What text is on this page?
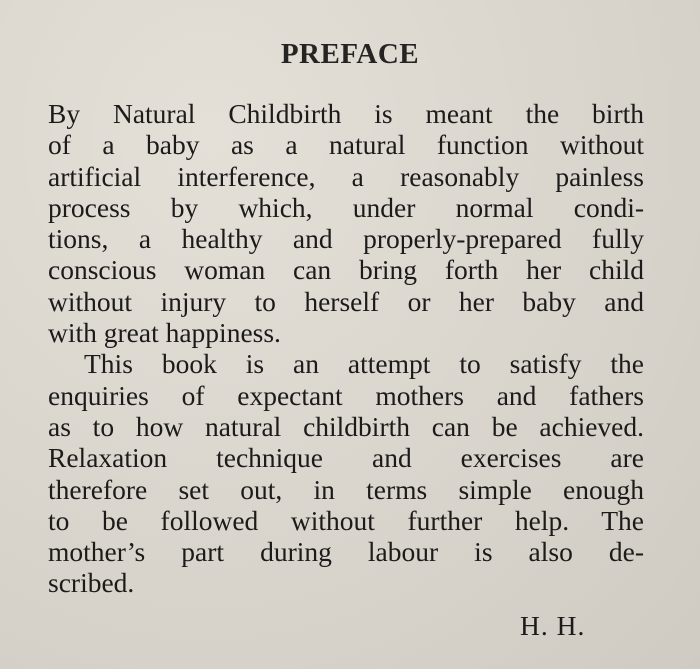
PREFACE
By Natural Childbirth is meant the birth
of a baby as a natural function without
artificial interference, a reasonably painless
process by which, under normal condi-
tions, a healthy and properly-prepared fully
conscious woman can bring forth her child
without injury to herself or her baby and
with great happiness.
This book is an attempt to satisfy the
enquiries of expectant mothers and fathers
as to how natural childbirth can be achieved.
Relaxation technique and exercises are
therefore set out, in terms simple enough
to be followed without further help. The
mother’s part during labour is also de-
scribed.
H. H.
